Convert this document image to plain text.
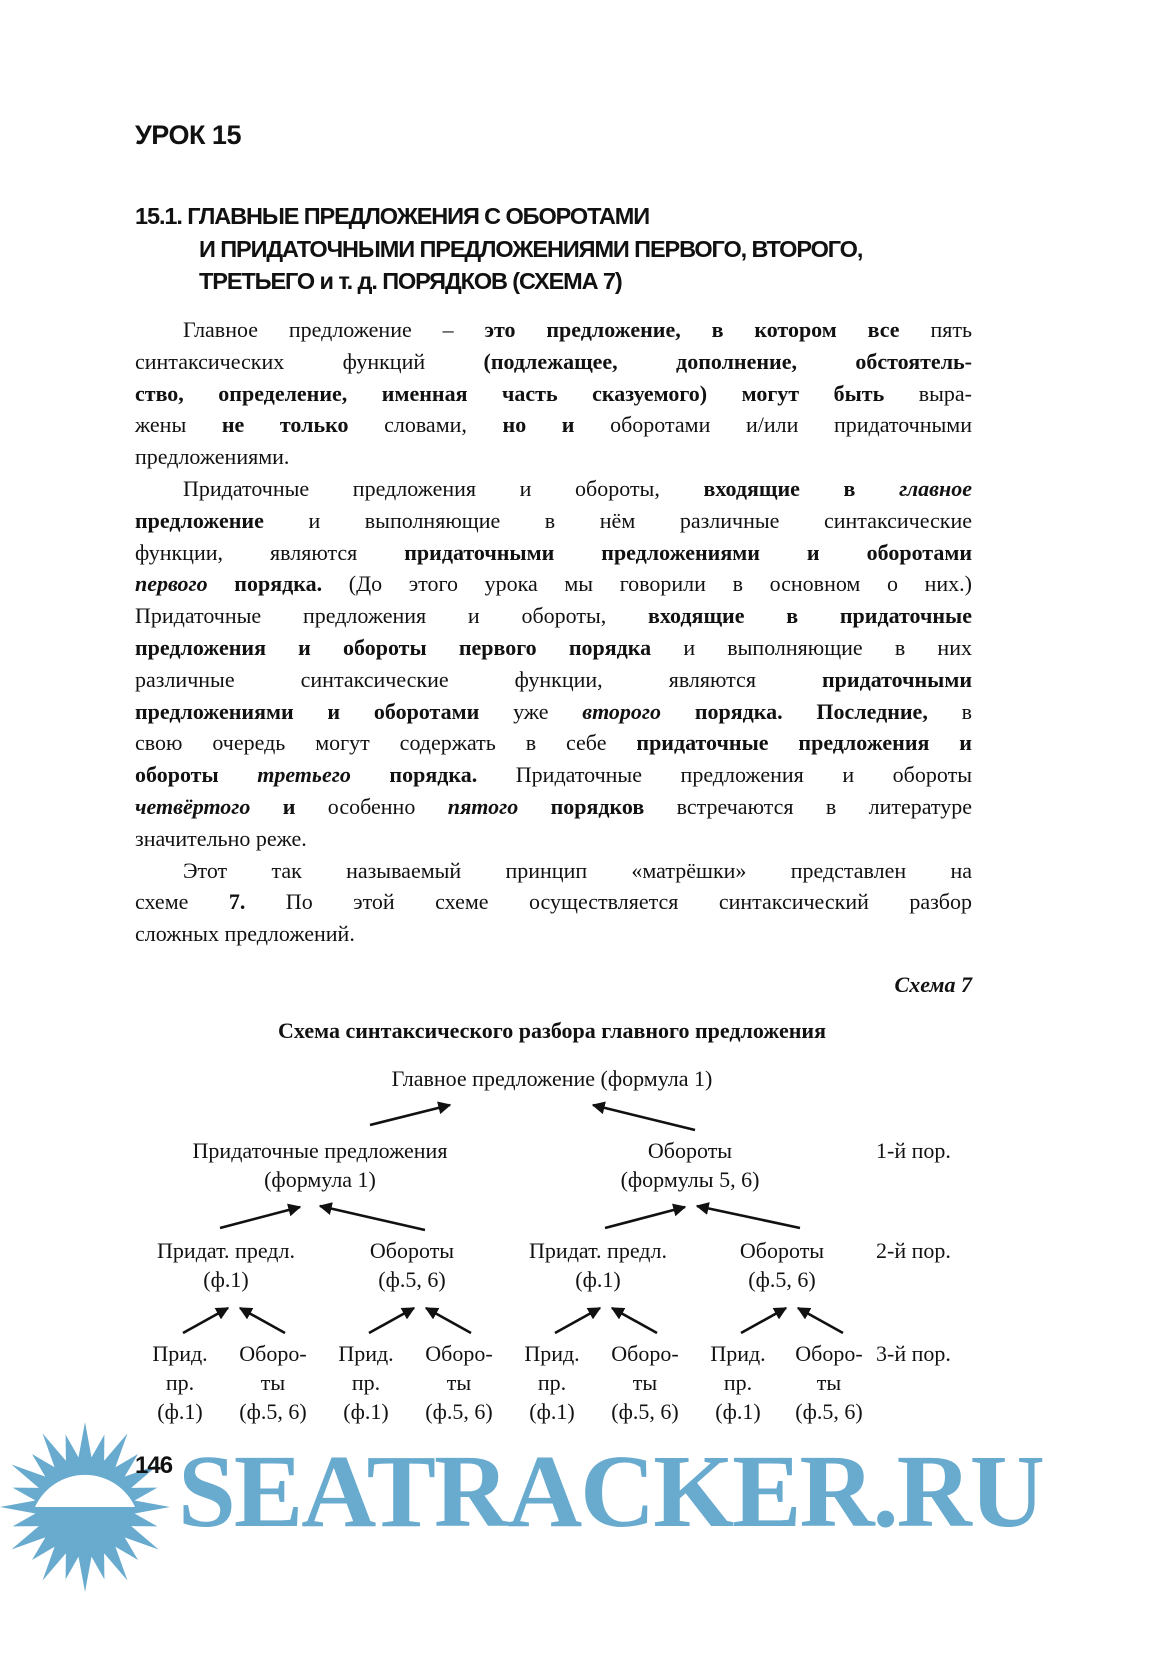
УРОК 15
15.1. ГЛАВНЫЕ ПРЕДЛОЖЕНИЯ С ОБОРОТАМИ
И ПРИДАТОЧНЫМИ ПРЕДЛОЖЕНИЯМИ ПЕРВОГО, ВТОРОГО,
ТРЕТЬЕГО и т. д. ПОРЯДКОВ (СХЕМА 7)
Главное предложение – это предложение, в котором все пять
синтаксических функций (подлежащее, дополнение, обстоятель-
ство, определение, именная часть сказуемого) могут быть выра-
жены не только словами, но и оборотами и/или придаточными
предложениями.
Придаточные предложения и обороты, входящие в главное
предложение и выполняющие в нём различные синтаксические
функции, являются придаточными предложениями и оборотами
первого порядка. (До этого урока мы говорили в основном о них.)
Придаточные предложения и обороты, входящие в придаточные
предложения и обороты первого порядка и выполняющие в них
различные синтаксические функции, являются придаточными
предложениями и оборотами уже второго порядка. Последние, в
свою очередь могут содержать в себе придаточные предложения и
обороты третьего порядка. Придаточные предложения и обороты
четвёртого и особенно пятого порядков встречаются в литературе
значительно реже.
Этот так называемый принцип «матрёшки» представлен на
схеме 7. По этой схеме осуществляется синтаксический разбор
сложных предложений.
Схема 7
Схема синтаксического разбора главного предложения
Главное предложение (формула 1)
Придаточные предложения
(формула 1)
Обороты
(формулы 5, 6)
Придат. предл.
(ф.1)
Обороты
(ф.5, 6)
Придат. предл.
(ф.1)
Обороты
(ф.5, 6)
Прид.
пр.
(ф.1)
Оборо-
ты
(ф.5, 6)
Прид.
пр.
(ф.1)
Оборо-
ты
(ф.5, 6)
Прид.
пр.
(ф.1)
Оборо-
ты
(ф.5, 6)
Прид.
пр.
(ф.1)
Оборо-
ты
(ф.5, 6)
1-й пор.
2-й пор.
3-й пор.
SEATRACKER.RU
146
